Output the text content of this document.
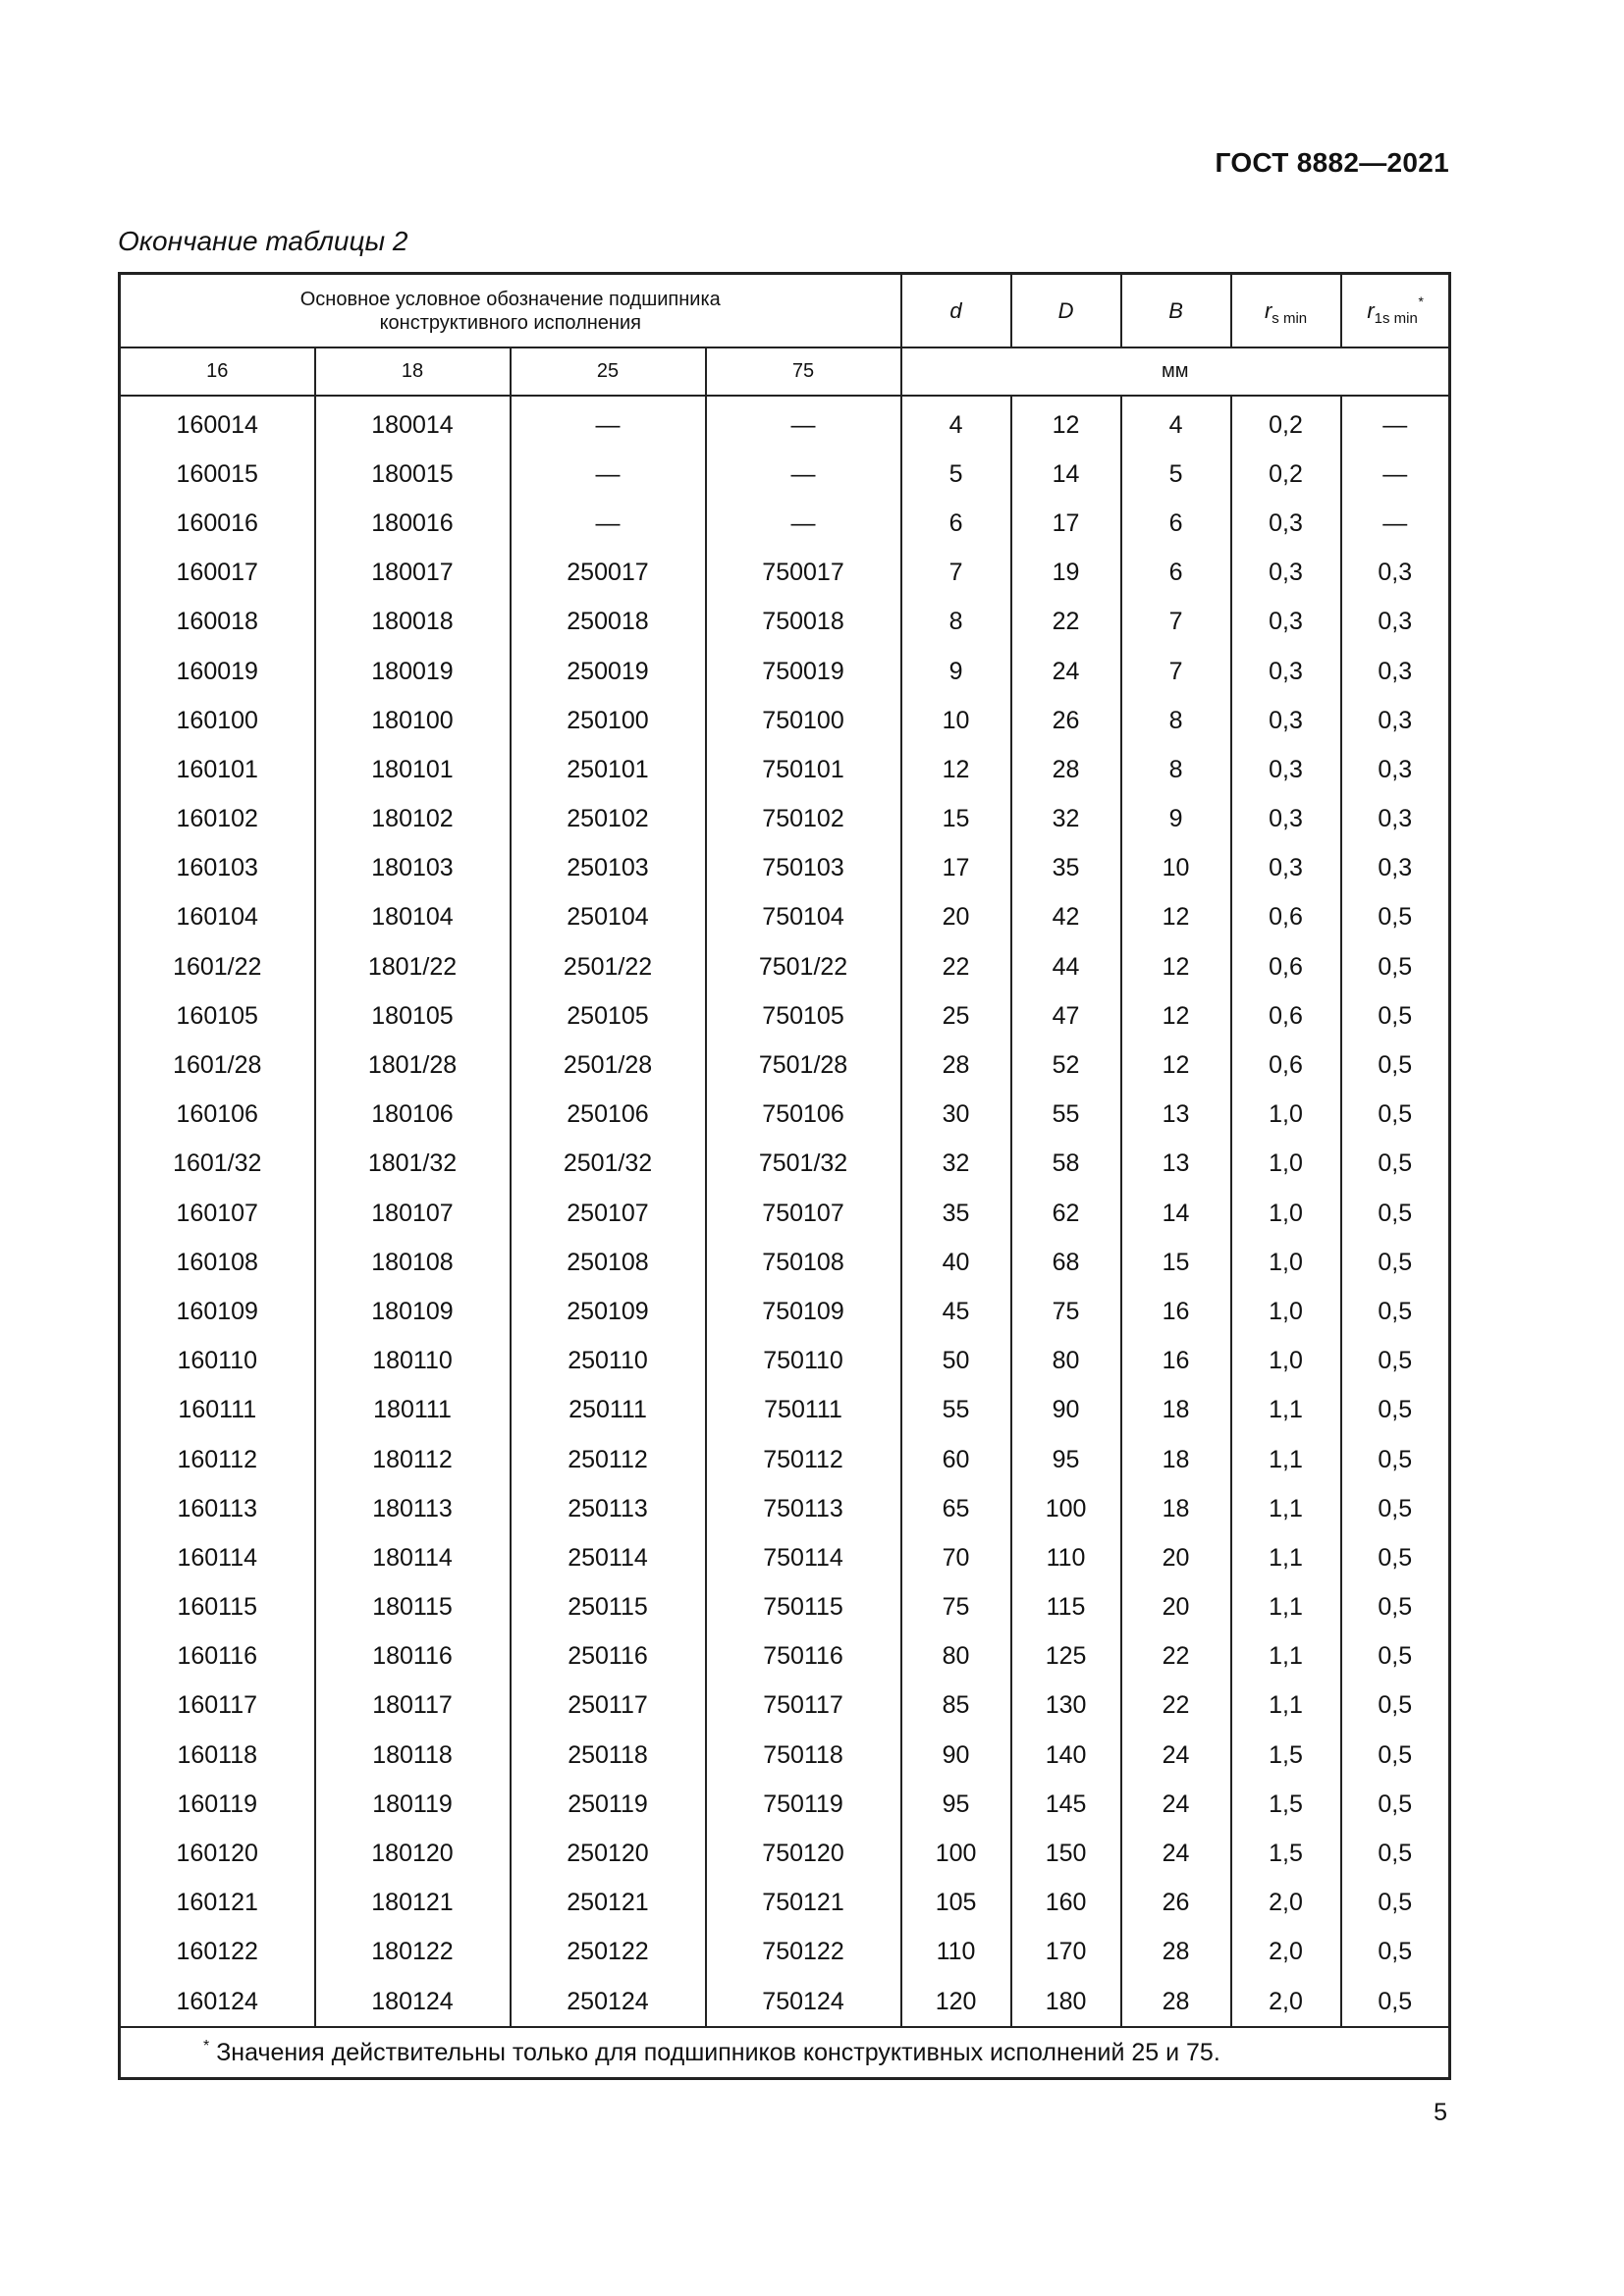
ГОСТ 8882—2021
Окончание таблицы 2
Основное условное обозначение подшипника
конструктивного исполнения				d	D	B	$r_{s min}$	$r_{1s min}^*$
16	18	25	75	мм				
160014	180014	—	—	4	12	4	0,2	—
160015	180015	—	—	5	14	5	0,2	—
160016	180016	—	—	6	17	6	0,3	—
160017	180017	250017	750017	7	19	6	0,3	0,3
160018	180018	250018	750018	8	22	7	0,3	0,3
160019	180019	250019	750019	9	24	7	0,3	0,3
160100	180100	250100	750100	10	26	8	0,3	0,3
160101	180101	250101	750101	12	28	8	0,3	0,3
160102	180102	250102	750102	15	32	9	0,3	0,3
160103	180103	250103	750103	17	35	10	0,3	0,3
160104	180104	250104	750104	20	42	12	0,6	0,5
1601/22	1801/22	2501/22	7501/22	22	44	12	0,6	0,5
160105	180105	250105	750105	25	47	12	0,6	0,5
1601/28	1801/28	2501/28	7501/28	28	52	12	0,6	0,5
160106	180106	250106	750106	30	55	13	1,0	0,5
1601/32	1801/32	2501/32	7501/32	32	58	13	1,0	0,5
160107	180107	250107	750107	35	62	14	1,0	0,5
160108	180108	250108	750108	40	68	15	1,0	0,5
160109	180109	250109	750109	45	75	16	1,0	0,5
160110	180110	250110	750110	50	80	16	1,0	0,5
160111	180111	250111	750111	55	90	18	1,1	0,5
160112	180112	250112	750112	60	95	18	1,1	0,5
160113	180113	250113	750113	65	100	18	1,1	0,5
160114	180114	250114	750114	70	110	20	1,1	0,5
160115	180115	250115	750115	75	115	20	1,1	0,5
160116	180116	250116	750116	80	125	22	1,1	0,5
160117	180117	250117	750117	85	130	22	1,1	0,5
160118	180118	250118	750118	90	140	24	1,5	0,5
160119	180119	250119	750119	95	145	24	1,5	0,5
160120	180120	250120	750120	100	150	24	1,5	0,5
160121	180121	250121	750121	105	160	26	2,0	0,5
160122	180122	250122	750122	110	170	28	2,0	0,5
160124	180124	250124	750124	120	180	28	2,0	0,5
* Значения действительны только для подшипников конструктивных исполнений 25 и 75.								
5
